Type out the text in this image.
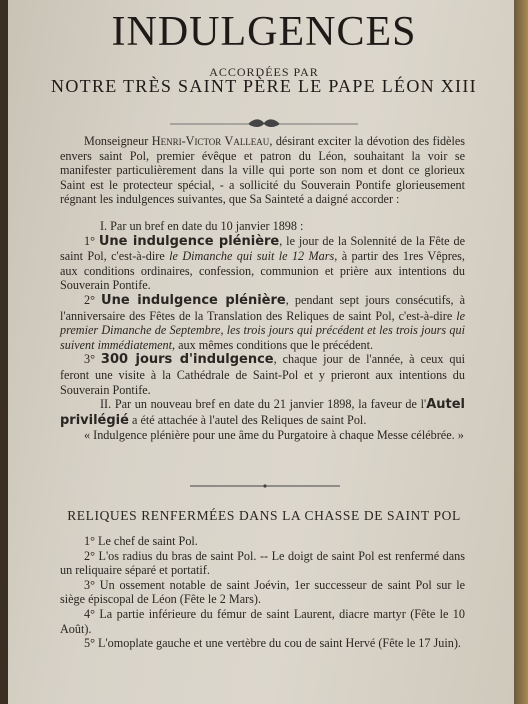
INDULGENCES
ACCORDÉES PAR
NOTRE TRÈS SAINT PÈRE LE PAPE LÉON XIII

Monseigneur Henri-Victor Valleau, désirant exciter la dévotion des fidèles envers saint Pol, premier évêque et patron du Léon, souhaitant la voir se manifester particulièrement dans la ville qui porte son nom et dont ce glorieux Saint est le protecteur spécial, - a sollicité du Souverain Pontife glorieusement régnant les indulgences suivantes, que Sa Sainteté a daigné accorder :

I. Par un bref en date du 10 janvier 1898 :

1° Une indulgence plénière, le jour de la Solennité de la Fête de saint Pol, c'est-à-dire le Dimanche qui suit le 12 Mars, à partir des 1res Vêpres, aux conditions ordinaires, confession, communion et prière aux intentions du Souverain Pontife.

2° Une indulgence plénière, pendant sept jours consécutifs, à l'anniversaire des Fêtes de la Translation des Reliques de saint Pol, c'est-à-dire le premier Dimanche de Septembre, les trois jours qui précédent et les trois jours qui suivent immédiatement, aux mêmes conditions que le précédent.

3° 300 jours d'indulgence, chaque jour de l'année, à ceux qui feront une visite à la Cathédrale de Saint-Pol et y prieront aux intentions du Souverain Pontife.

II. Par un nouveau bref en date du 21 janvier 1898, la faveur de l'Autel privilégié a été attachée à l'autel des Reliques de saint Pol.

« Indulgence plénière pour une âme du Purgatoire à chaque Messe célébrée. »

RELIQUES RENFERMÉES DANS LA CHASSE DE SAINT POL

1° Le chef de saint Pol.

2° L'os radius du bras de saint Pol. -- Le doigt de saint Pol est renfermé dans un reliquaire séparé et portatif.

3° Un ossement notable de saint Joévin, 1er successeur de saint Pol sur le siège épiscopal de Léon (Fête le 2 Mars).

4° La partie inférieure du fémur de saint Laurent, diacre martyr (Fête le 10 Août).

5° L'omoplate gauche et une vertèbre du cou de saint Hervé (Fête le 17 Juin).
